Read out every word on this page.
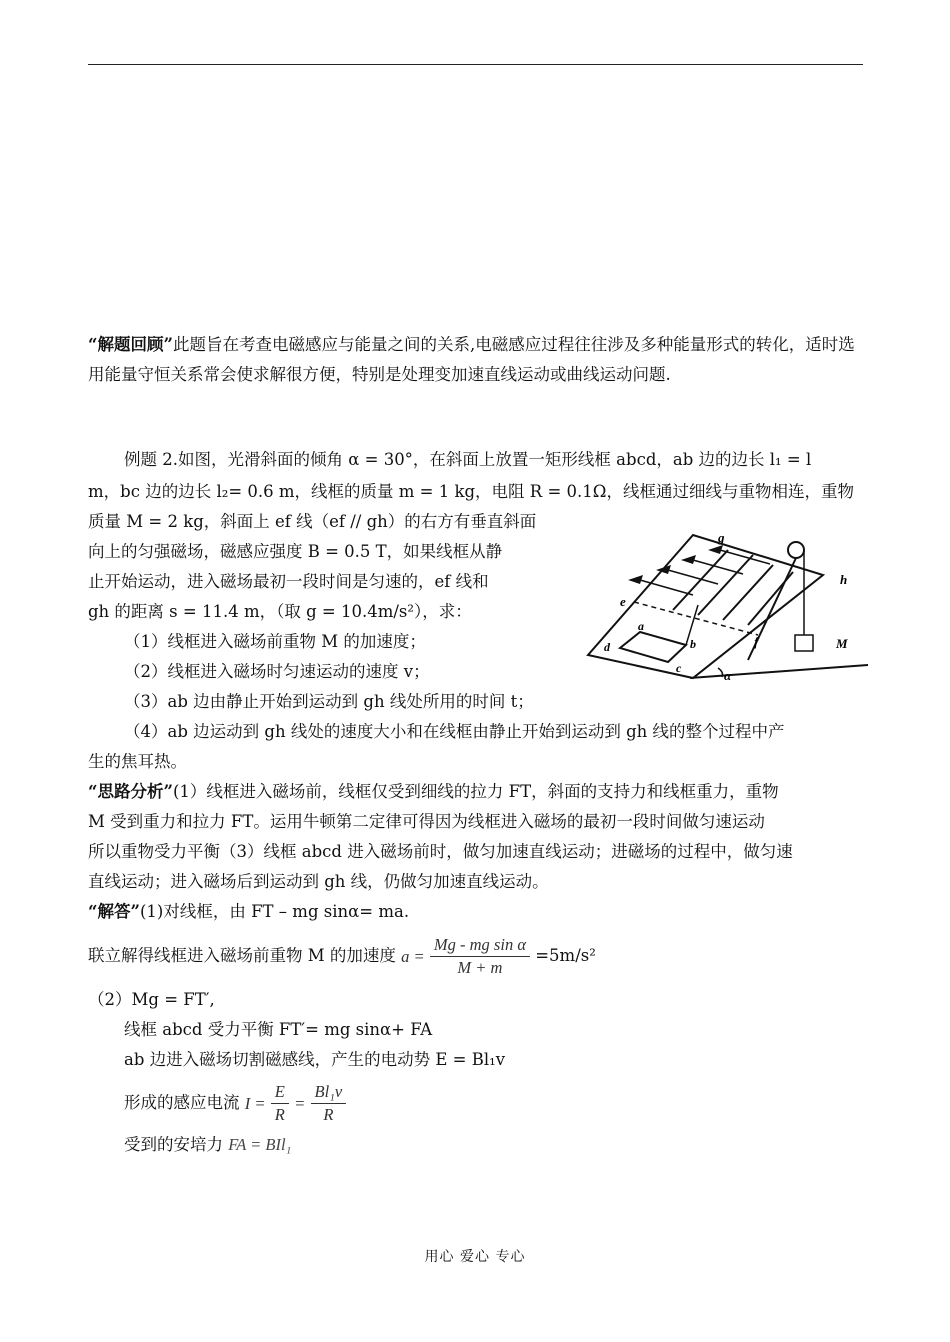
“解题回顾”此题旨在考查电磁感应与能量之间的关系,电磁感应过程往往涉及多种能量形式的转化，适时选用能量守恒关系常会使求解很方便，特别是处理变加速直线运动或曲线运动问题.
例题 2.如图，光滑斜面的倾角 α = 30°，在斜面上放置一矩形线框 abcd，ab 边的边长 l₁ = l
m，bc 边的边长 l₂= 0.6 m，线框的质量 m = 1 kg，电阻 R = 0.1Ω，线框通过细线与重物相连，重物
质量 M = 2 kg，斜面上 ef 线（ef // gh）的右方有垂直斜面
向上的匀强磁场，磁感应强度 B = 0.5 T，如果线框从静
止开始运动，进入磁场最初一段时间是匀速的，ef 线和
gh 的距离 s = 11.4 m，（取 g = 10.4m/s²），求：
（1）线框进入磁场前重物 M 的加速度；
（2）线框进入磁场时匀速运动的速度 v；
（3）ab 边由静止开始到运动到 gh 线处所用的时间 t；
（4）ab 边运动到 gh 线处的速度大小和在线框由静止开始到运动到 gh 线的整个过程中产
生的焦耳热。
g
h
e
f
a
b
c
d	M
α
“思路分析”(1）线框进入磁场前，线框仅受到细线的拉力 FT，斜面的支持力和线框重力，重物
M 受到重力和拉力 FT。运用牛顿第二定律可得因为线框进入磁场的最初一段时间做匀速运动
所以重物受力平衡（3）线框 abcd 进入磁场前时，做匀加速直线运动；进磁场的过程中，做匀速
直线运动；进入磁场后到运动到 gh 线，仍做匀加速直线运动。
“解答”(1)对线框，由 FT – mg sinα= ma.
联立解得线框进入磁场前重物 M 的加速度 $a = \frac{\text{Mg - mg sin α}}{M + m} =5m/s^2$
（2）Mg = FT′,
线框 abcd 受力平衡 FT′= mg sinα+ FA
ab 边进入磁场切割磁感线，产生的电动势 E = Bl₁v
形成的感应电流 $I = \frac{E}{R} = \frac{\text{Bl₁v}}{R}$
受到的安培力 FA = BIl₁
用心 爱心 专心
